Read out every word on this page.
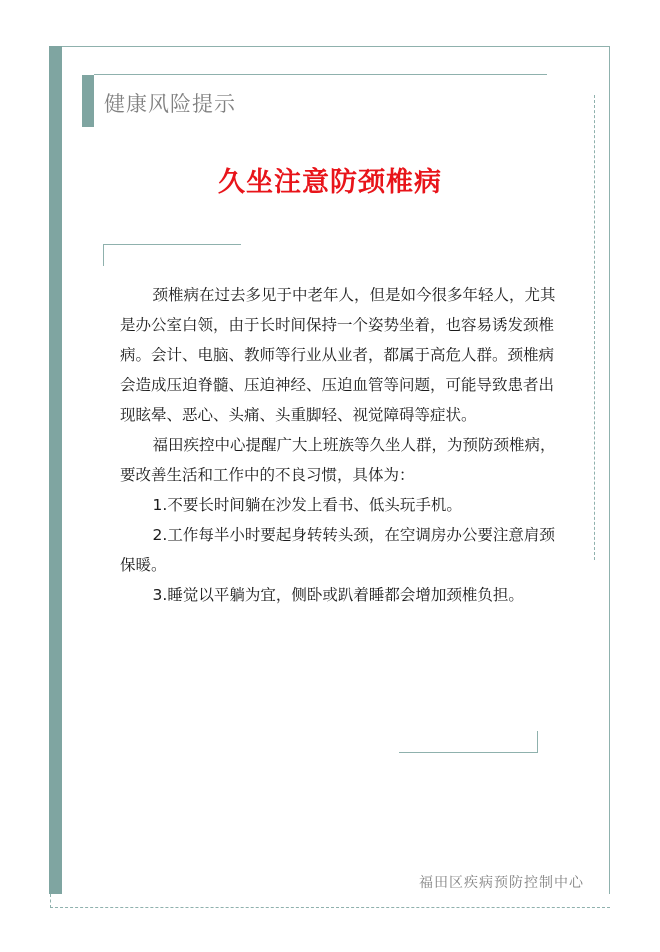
健康风险提示
久坐注意防颈椎病

颈椎病在过去多见于中老年人，但是如今很多年轻人，尤其是办公室白领，由于长时间保持一个姿势坐着，也容易诱发颈椎病。会计、电脑、教师等行业从业者，都属于高危人群。颈椎病会造成压迫脊髓、压迫神经、压迫血管等问题，可能导致患者出现眩晕、恶心、头痛、头重脚轻、视觉障碍等症状。

福田疾控中心提醒广大上班族等久坐人群，为预防颈椎病，要改善生活和工作中的不良习惯，具体为：

1.不要长时间躺在沙发上看书、低头玩手机。

2.工作每半小时要起身转转头颈，在空调房办公要注意肩颈保暖。

3.睡觉以平躺为宜，侧卧或趴着睡都会增加颈椎负担。

福田区疾病预防控制中心
